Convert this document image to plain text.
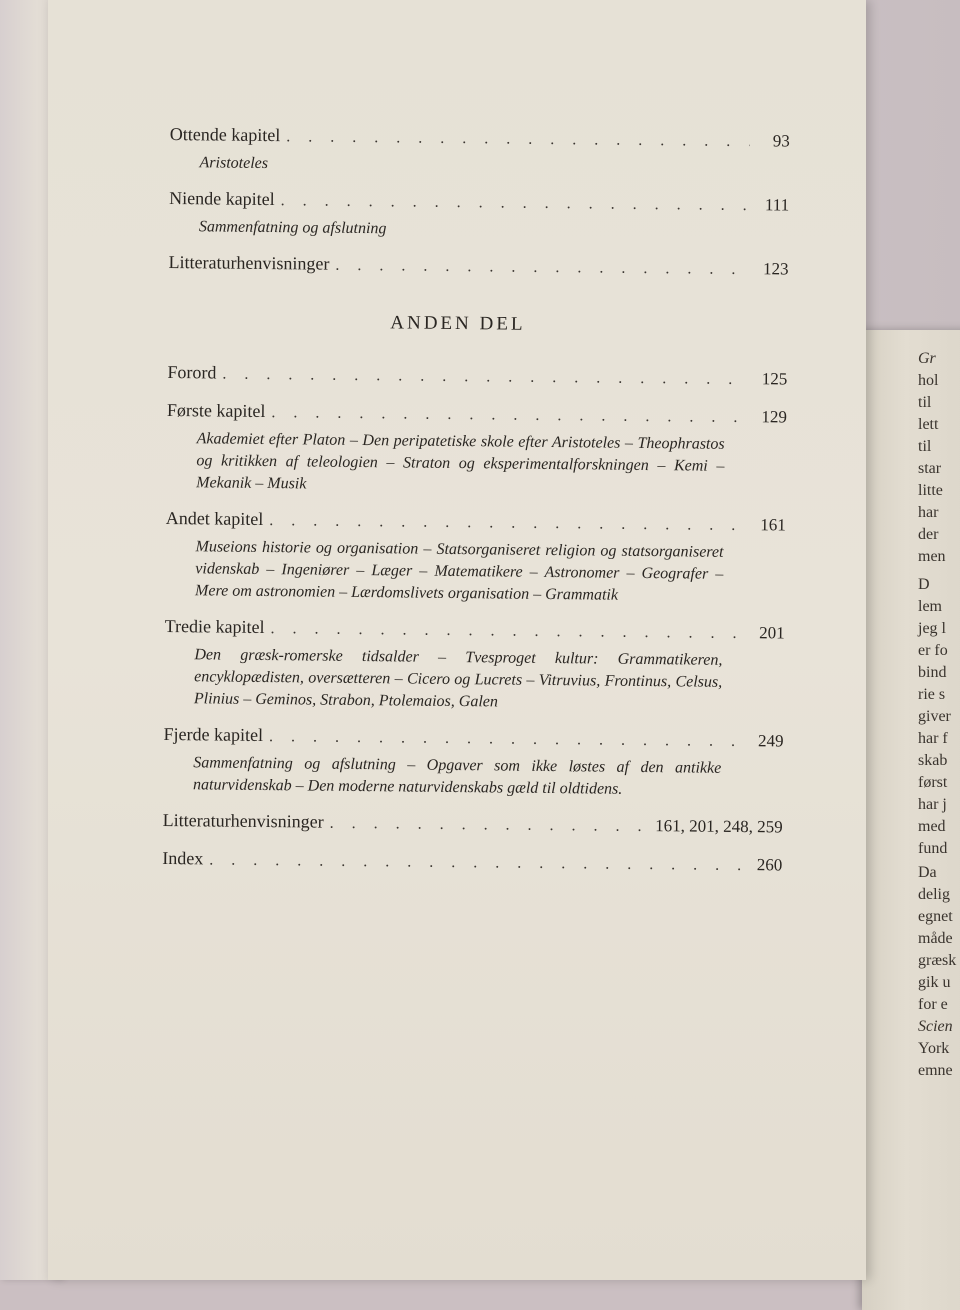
Gr
hol
til
lett
til
star
litte
har
der
men
D
lem
jeg l
er fo
bind
rie s
giver
har f
skab
først
har j
med
fund
Da
delig
egnet
måde
græsk
gik u
for e
Scien
York
emne
Ottende kapitel . . .	93
Aristoteles
Niende kapitel . . .	111
Sammenfatning og afslutning
Litteraturhenvisninger . . .	123
ANDEN DEL
Forord . . .	125
Første kapitel . . .	129
Akademiet efter Platon – Den peripatetiske skole efter Aristoteles – Theophrastos og kritikken af teleologien – Straton og eksperimentalforskningen – Kemi – Mekanik – Musik
Andet kapitel . . .	161
Museions historie og organisation – Statsorganiseret religion og statsorganiseret videnskab – Ingeniører – Læger – Matematikere – Astronomer – Geografer – Mere om astronomien – Lærdomslivets organisation – Grammatik
Tredie kapitel . . .	201
Den græsk-romerske tidsalder – Tvesproget kultur: Grammatikeren, encyklopædisten, oversætteren – Cicero og Lucrets – Vitruvius, Frontinus, Celsus, Plinius – Geminos, Strabon, Ptolemaios, Galen
Fjerde kapitel . . .	249
Sammenfatning og afslutning – Opgaver som ikke løstes af den antikke naturvidenskab – Den moderne naturvidenskabs gæld til oldtidens.
Litteraturhenvisninger . . .	161, 201, 248, 259
Index . . .	260
